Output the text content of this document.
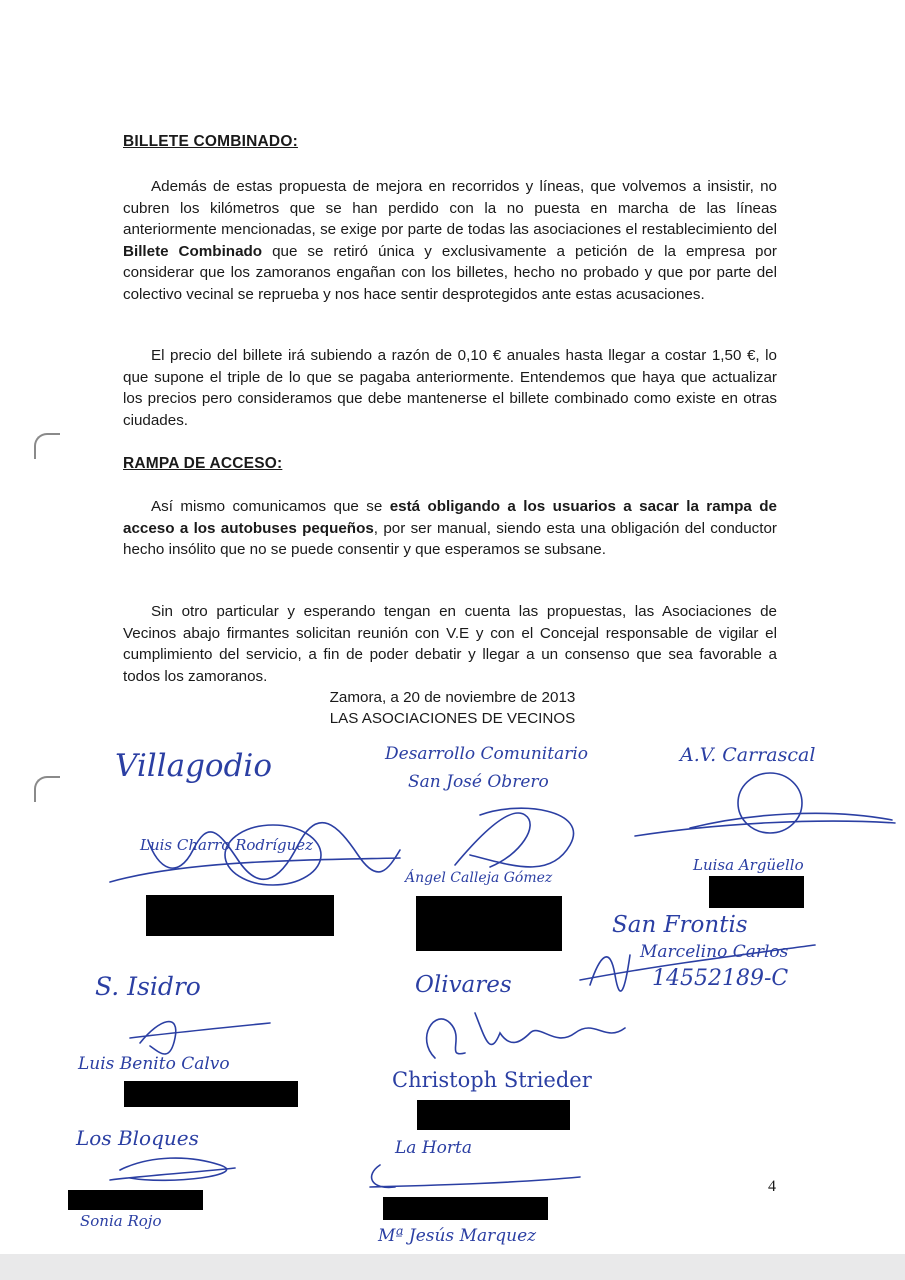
BILLETE COMBINADO:

Además de estas propuesta de mejora en recorridos y líneas, que volvemos a insistir, no cubren los kilómetros que se han perdido con la no puesta en marcha de las líneas anteriormente mencionadas, se exige por parte de todas las asociaciones el restablecimiento del Billete Combinado que se retiró única y exclusivamente a petición de la empresa por considerar que los zamoranos engañan con los billetes, hecho no probado y que por parte del colectivo vecinal se reprueba y nos hace sentir desprotegidos ante estas acusaciones.

El precio del billete irá subiendo a razón de 0,10 € anuales hasta llegar a costar 1,50 €, lo que supone el triple de lo que se pagaba anteriormente. Entendemos que haya que actualizar los precios pero consideramos que debe mantenerse el billete combinado como existe en otras ciudades.

RAMPA DE ACCESO:

Así mismo comunicamos que se está obligando a los usuarios a sacar la rampa de acceso a los autobuses pequeños, por ser manual, siendo esta una obligación del conductor hecho insólito que no se puede consentir y que esperamos se subsane.

Sin otro particular y esperando tengan en cuenta las propuestas, las Asociaciones de Vecinos abajo firmantes solicitan reunión con V.E y con el Concejal responsable de vigilar el cumplimiento del servicio, a fin de poder debatir y llegar a un consenso que sea favorable a todos los zamoranos.

Zamora, a 20 de noviembre de 2013
LAS ASOCIACIONES DE VECINOS
Villagodio
Luis Charro Rodríguez
Desarrollo Comunitario
San José Obrero
Ángel Calleja Gómez
A.V. Carrascal
Luisa Argüello
San Frontis
Marcelino Carlos
14552189-C
S. Isidro
Luis Benito Calvo
Olivares
Christoph Strieder
Los Bloques
Sonia Rojo
La Horta
Mª Jesús Marquez
4
